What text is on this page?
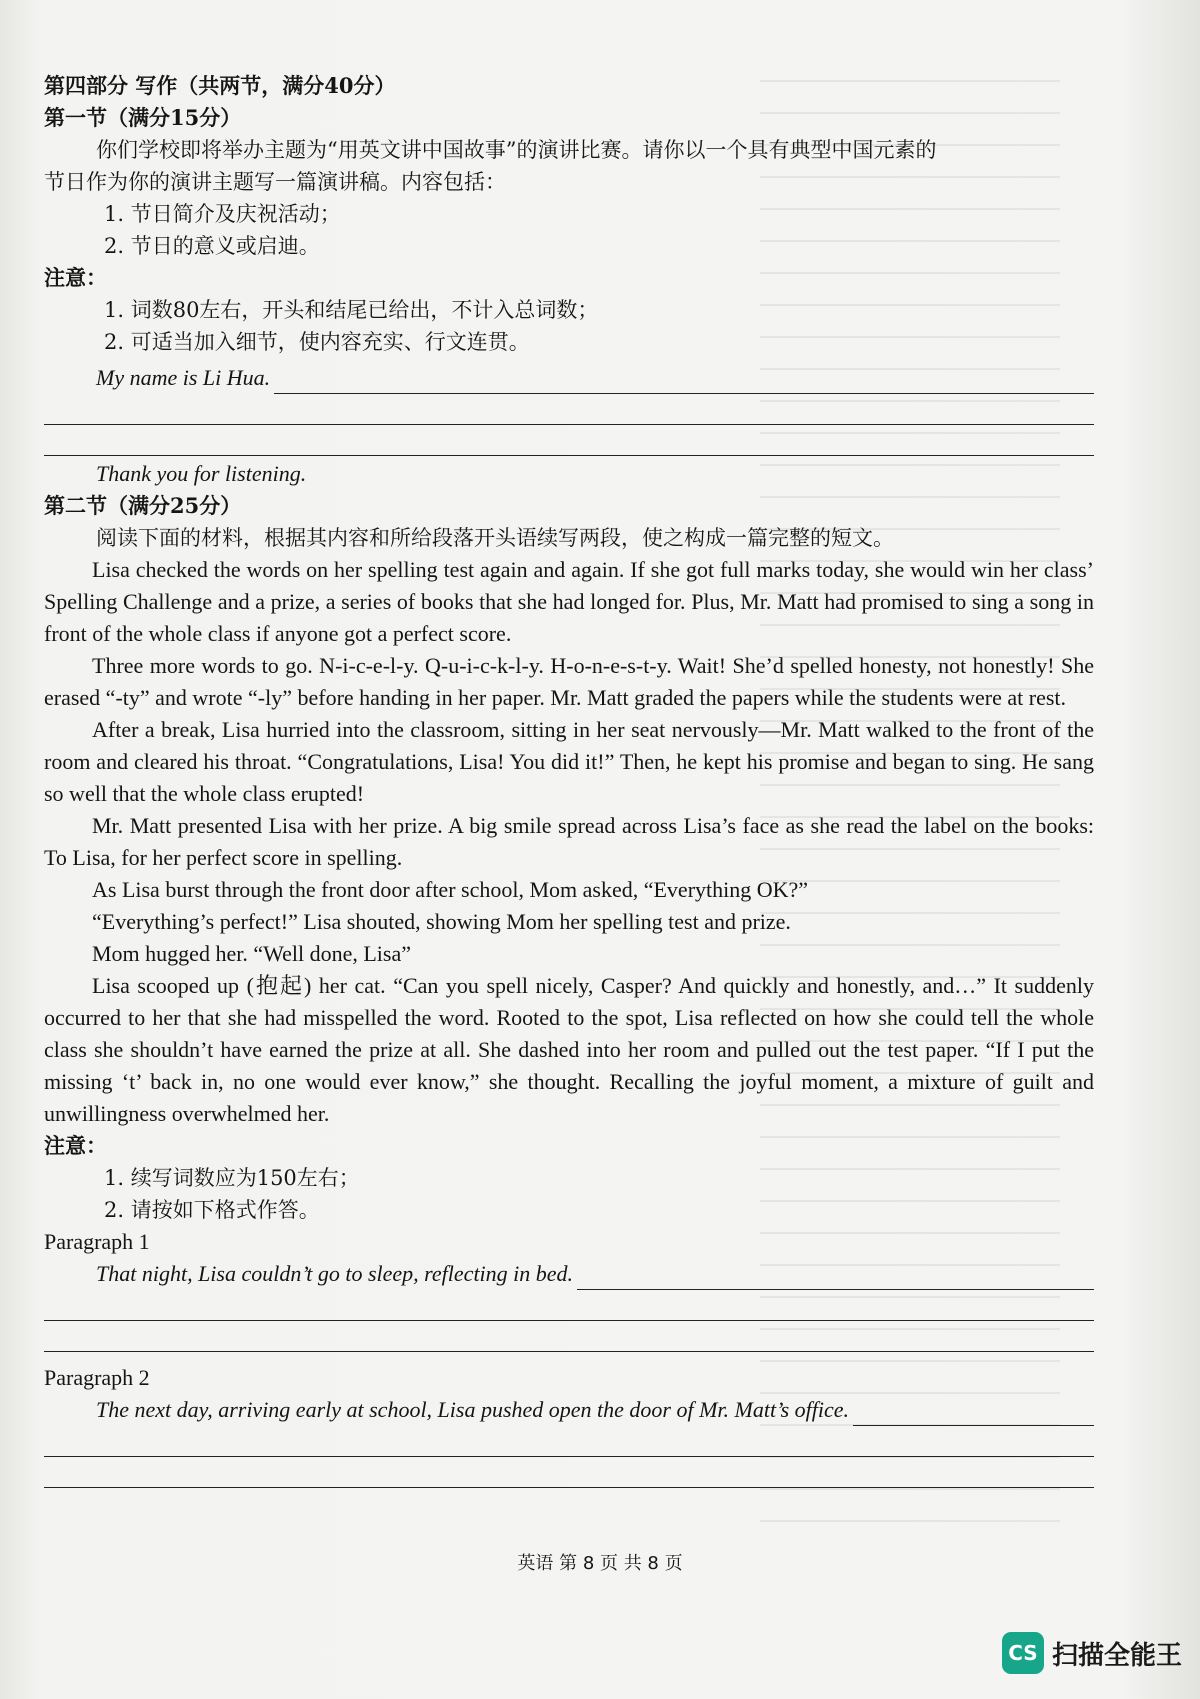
第四部分 写作（共两节，满分40分）
第一节（满分15分）
你们学校即将举办主题为“用英文讲中国故事”的演讲比赛。请你以一个具有典型中国元素的
节日作为你的演讲主题写一篇演讲稿。内容包括：
1. 节日简介及庆祝活动；
2. 节日的意义或启迪。
注意：
1. 词数80左右，开头和结尾已给出，不计入总词数；
2. 可适当加入细节，使内容充实、行文连贯。
My name is Li Hua.
Thank you for listening.
第二节（满分25分）
阅读下面的材料，根据其内容和所给段落开头语续写两段，使之构成一篇完整的短文。

Lisa checked the words on her spelling test again and again. If she got full marks today, she would win her class’ Spelling Challenge and a prize, a series of books that she had longed for. Plus, Mr. Matt had promised to sing a song in front of the whole class if anyone got a perfect score.

Three more words to go. N-i-c-e-l-y. Q-u-i-c-k-l-y. H-o-n-e-s-t-y. Wait! She’d spelled honesty, not honestly! She erased “-ty” and wrote “-ly” before handing in her paper. Mr. Matt graded the papers while the students were at rest.

After a break, Lisa hurried into the classroom, sitting in her seat nervously—Mr. Matt walked to the front of the room and cleared his throat. “Congratulations, Lisa! You did it!” Then, he kept his promise and began to sing. He sang so well that the whole class erupted!

Mr. Matt presented Lisa with her prize. A big smile spread across Lisa’s face as she read the label on the books: To Lisa, for her perfect score in spelling.

As Lisa burst through the front door after school, Mom asked, “Everything OK?”

“Everything’s perfect!” Lisa shouted, showing Mom her spelling test and prize.

Mom hugged her. “Well done, Lisa”

Lisa scooped up (抱起) her cat. “Can you spell nicely, Casper? And quickly and honestly, and…” It suddenly occurred to her that she had misspelled the word. Rooted to the spot, Lisa reflected on how she could tell the whole class she shouldn’t have earned the prize at all. She dashed into her room and pulled out the test paper. “If I put the missing ‘t’ back in, no one would ever know,” she thought. Recalling the joyful moment, a mixture of guilt and unwillingness overwhelmed her.

注意：
1. 续写词数应为150左右；
2. 请按如下格式作答。
Paragraph 1
That night, Lisa couldn’t go to sleep, reflecting in bed.
Paragraph 2
The next day, arriving early at school, Lisa pushed open the door of Mr. Matt’s office.
英语 第 8 页 共 8 页
CS 扫描全能王
